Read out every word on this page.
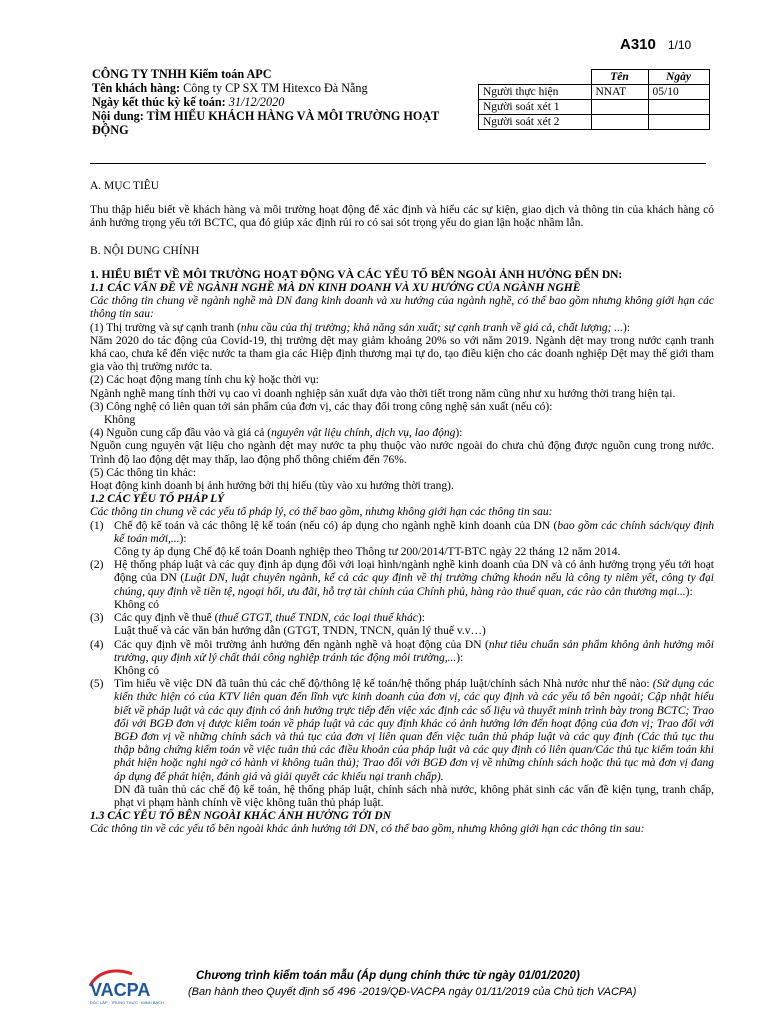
A310 1/10
CÔNG TY TNHH Kiểm toán APC
Tên khách hàng: Công ty CP SX TM Hitexco Đà Nẵng
Ngày kết thúc kỳ kế toán: 31/12/2020
Nội dung: TÌM HIỂU KHÁCH HÀNG VÀ MÔI TRƯỜNG HOẠT ĐỘNG
	Tên	Ngày
Người thực hiện	NNAT	05/10
Người soát xét 1		
Người soát xét 2		

A. MỤC TIÊU

Thu thập hiểu biết về khách hàng và môi trường hoạt động để xác định và hiểu các sự kiện, giao dịch và thông tin của khách hàng có ảnh hưởng trọng yếu tới BCTC, qua đó giúp xác định rủi ro có sai sót trọng yếu do gian lận hoặc nhầm lẫn.

B. NỘI DUNG CHÍNH

1. HIỂU BIẾT VỀ MÔI TRƯỜNG HOẠT ĐỘNG VÀ CÁC YẾU TỐ BÊN NGOÀI ẢNH HƯỞNG ĐẾN DN:

1.1 CÁC VẤN ĐỀ VỀ NGÀNH NGHỀ MÀ DN KINH DOANH VÀ XU HƯỚNG CỦA NGÀNH NGHỀ

Các thông tin chung về ngành nghề mà DN đang kinh doanh và xu hướng của ngành nghề, có thể bao gồm nhưng không giới hạn các thông tin sau:

(1) Thị trường và sự cạnh tranh (nhu cầu của thị trường; khả năng sản xuất; sự cạnh tranh về giá cả, chất lượng; ...):

Năm 2020 do tác động của Covid-19, thị trường dệt may giảm khoảng 20% so với năm 2019. Ngành dệt may trong nước cạnh tranh khá cao, chưa kể đến việc nước ta tham gia các Hiệp định thương mại tự do, tạo điều kiện cho các doanh nghiệp Dệt may thế giới tham gia vào thị trường nước ta.

(2) Các hoạt động mang tính chu kỳ hoặc thời vụ:

Ngành nghề mang tính thời vụ cao vì doanh nghiệp sản xuất dựa vào thời tiết trong năm cũng như xu hướng thời trang hiện tại.

(3) Công nghệ có liên quan tới sản phẩm của đơn vị, các thay đổi trong công nghệ sản xuất (nếu có):

Không

(4) Nguồn cung cấp đầu vào và giá cả (nguyên vật liệu chính, dịch vụ, lao động):

Nguồn cung nguyên vật liệu cho ngành dệt may nước ta phụ thuộc vào nước ngoài do chưa chủ động được nguồn cung trong nước. Trình độ lao động dệt may thấp, lao động phổ thông chiếm đến 76%.

(5) Các thông tin khác:

Hoạt động kinh doanh bị ảnh hưởng bởi thị hiếu (tùy vào xu hướng thời trang).

1.2 CÁC YẾU TỐ PHÁP LÝ

Các thông tin chung về các yếu tố pháp lý, có thể bao gồm, nhưng không giới hạn các thông tin sau:

(1) Chế độ kế toán và các thông lệ kế toán (nếu có) áp dụng cho ngành nghề kinh doanh của DN (bao gồm các chính sách/quy định kế toán mới,...):

Công ty áp dụng Chế độ kế toán Doanh nghiệp theo Thông tư 200/2014/TT-BTC ngày 22 tháng 12 năm 2014.

(2) Hệ thống pháp luật và các quy định áp dụng đối với loại hình/ngành nghề kinh doanh của DN và có ảnh hưởng trọng yếu tới hoạt động của DN (Luật DN, luật chuyên ngành, kể cả các quy định về thị trường chứng khoán nếu là công ty niêm yết, công ty đại chúng, quy định về tiền tệ, ngoại hối, ưu đãi, hỗ trợ tài chính của Chính phủ, hàng rào thuế quan, các rào cản thương mại...):

Không có

(3) Các quy định về thuế (thuế GTGT, thuế TNDN, các loại thuế khác):

Luật thuế và các văn bản hướng dẫn (GTGT, TNDN, TNCN, quản lý thuế v.v…)

(4) Các quy định về môi trường ảnh hưởng đến ngành nghề và hoạt động của DN (như tiêu chuẩn sản phẩm không ảnh hưởng môi trường, quy định xử lý chất thải công nghiệp tránh tác động môi trường,...):

Không có

(5) Tìm hiểu về việc DN đã tuân thủ các chế độ/thông lệ kế toán/hệ thống pháp luật/chính sách Nhà nước như thế nào: (Sử dụng các kiến thức hiện có của KTV liên quan đến lĩnh vực kinh doanh của đơn vị, các quy định và các yếu tố bên ngoài; Cập nhật hiểu biết về pháp luật và các quy định có ảnh hưởng trực tiếp đến việc xác định các số liệu và thuyết minh trình bày trong BCTC; Trao đổi với BGĐ đơn vị được kiểm toán về pháp luật và các quy định khác có ảnh hưởng lớn đến hoạt động của đơn vị; Trao đổi với BGĐ đơn vị về những chính sách và thủ tục của đơn vị liên quan đến việc tuân thủ pháp luật và các quy định (Các thủ tục thu thập bằng chứng kiểm toán về việc tuân thủ các điều khoản của pháp luật và các quy định có liên quan/Các thủ tục kiểm toán khi phát hiện hoặc nghi ngờ có hành vi không tuân thủ); Trao đổi với BGĐ đơn vị về những chính sách hoặc thủ tục mà đơn vị đang áp dụng để phát hiện, đánh giá và giải quyết các khiếu nại tranh chấp).

DN đã tuân thủ các chế độ kế toán, hệ thống pháp luật, chính sách nhà nước, không phát sinh các vấn đề kiện tụng, tranh chấp, phạt vi phạm hành chính về việc không tuân thủ pháp luật.

1.3 CÁC YẾU TỐ BÊN NGOÀI KHÁC ẢNH HƯỞNG TỚI DN

Các thông tin về các yếu tố bên ngoài khác ảnh hưởng tới DN, có thể bao gồm, nhưng không giới hạn các thông tin sau:

VACPA
ĐỘC LẬP · TRUNG THỰC · MINH BẠCH
Chương trình kiểm toán mẫu (Áp dụng chính thức từ ngày 01/01/2020)
(Ban hành theo Quyết định số 496 -2019/QĐ-VACPA ngày 01/11/2019 của Chủ tịch VACPA)
